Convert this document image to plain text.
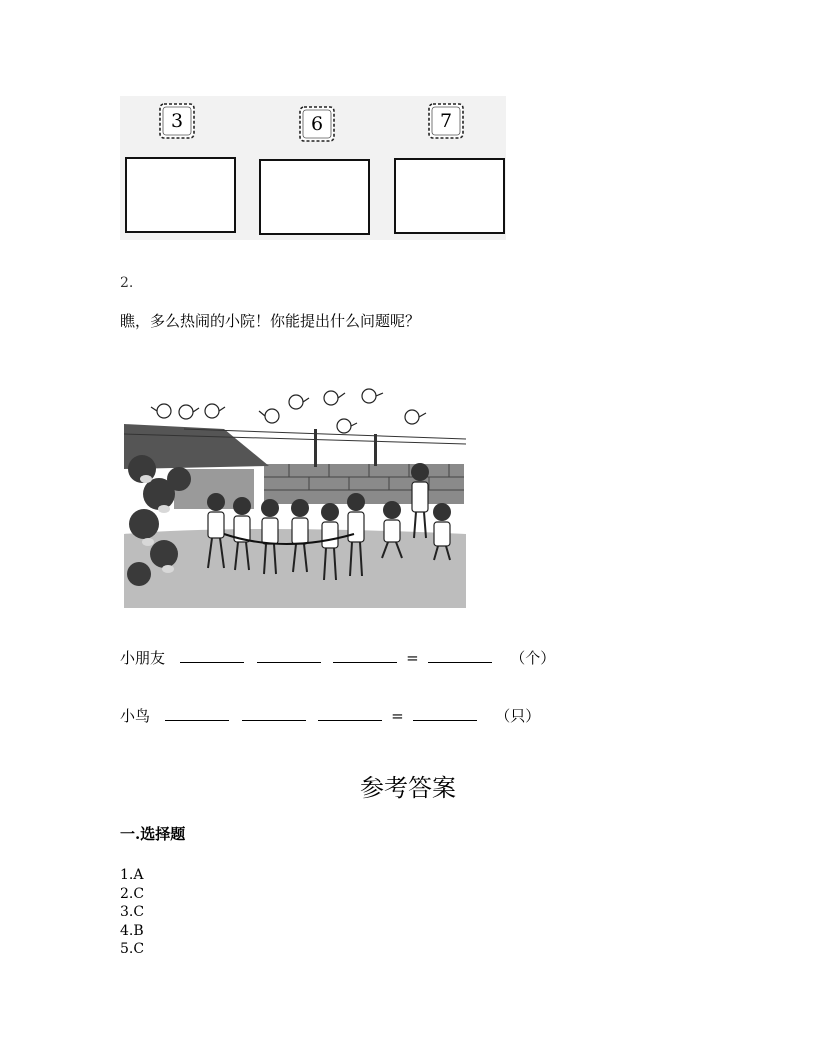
3	6	7
2.
瞧，多么热闹的小院！你能提出什么问题呢？
小朋友	=	（个）
小鸟	=	（只）
参考答案
一.选择题
1.A
2.C
3.C
4.B
5.C
